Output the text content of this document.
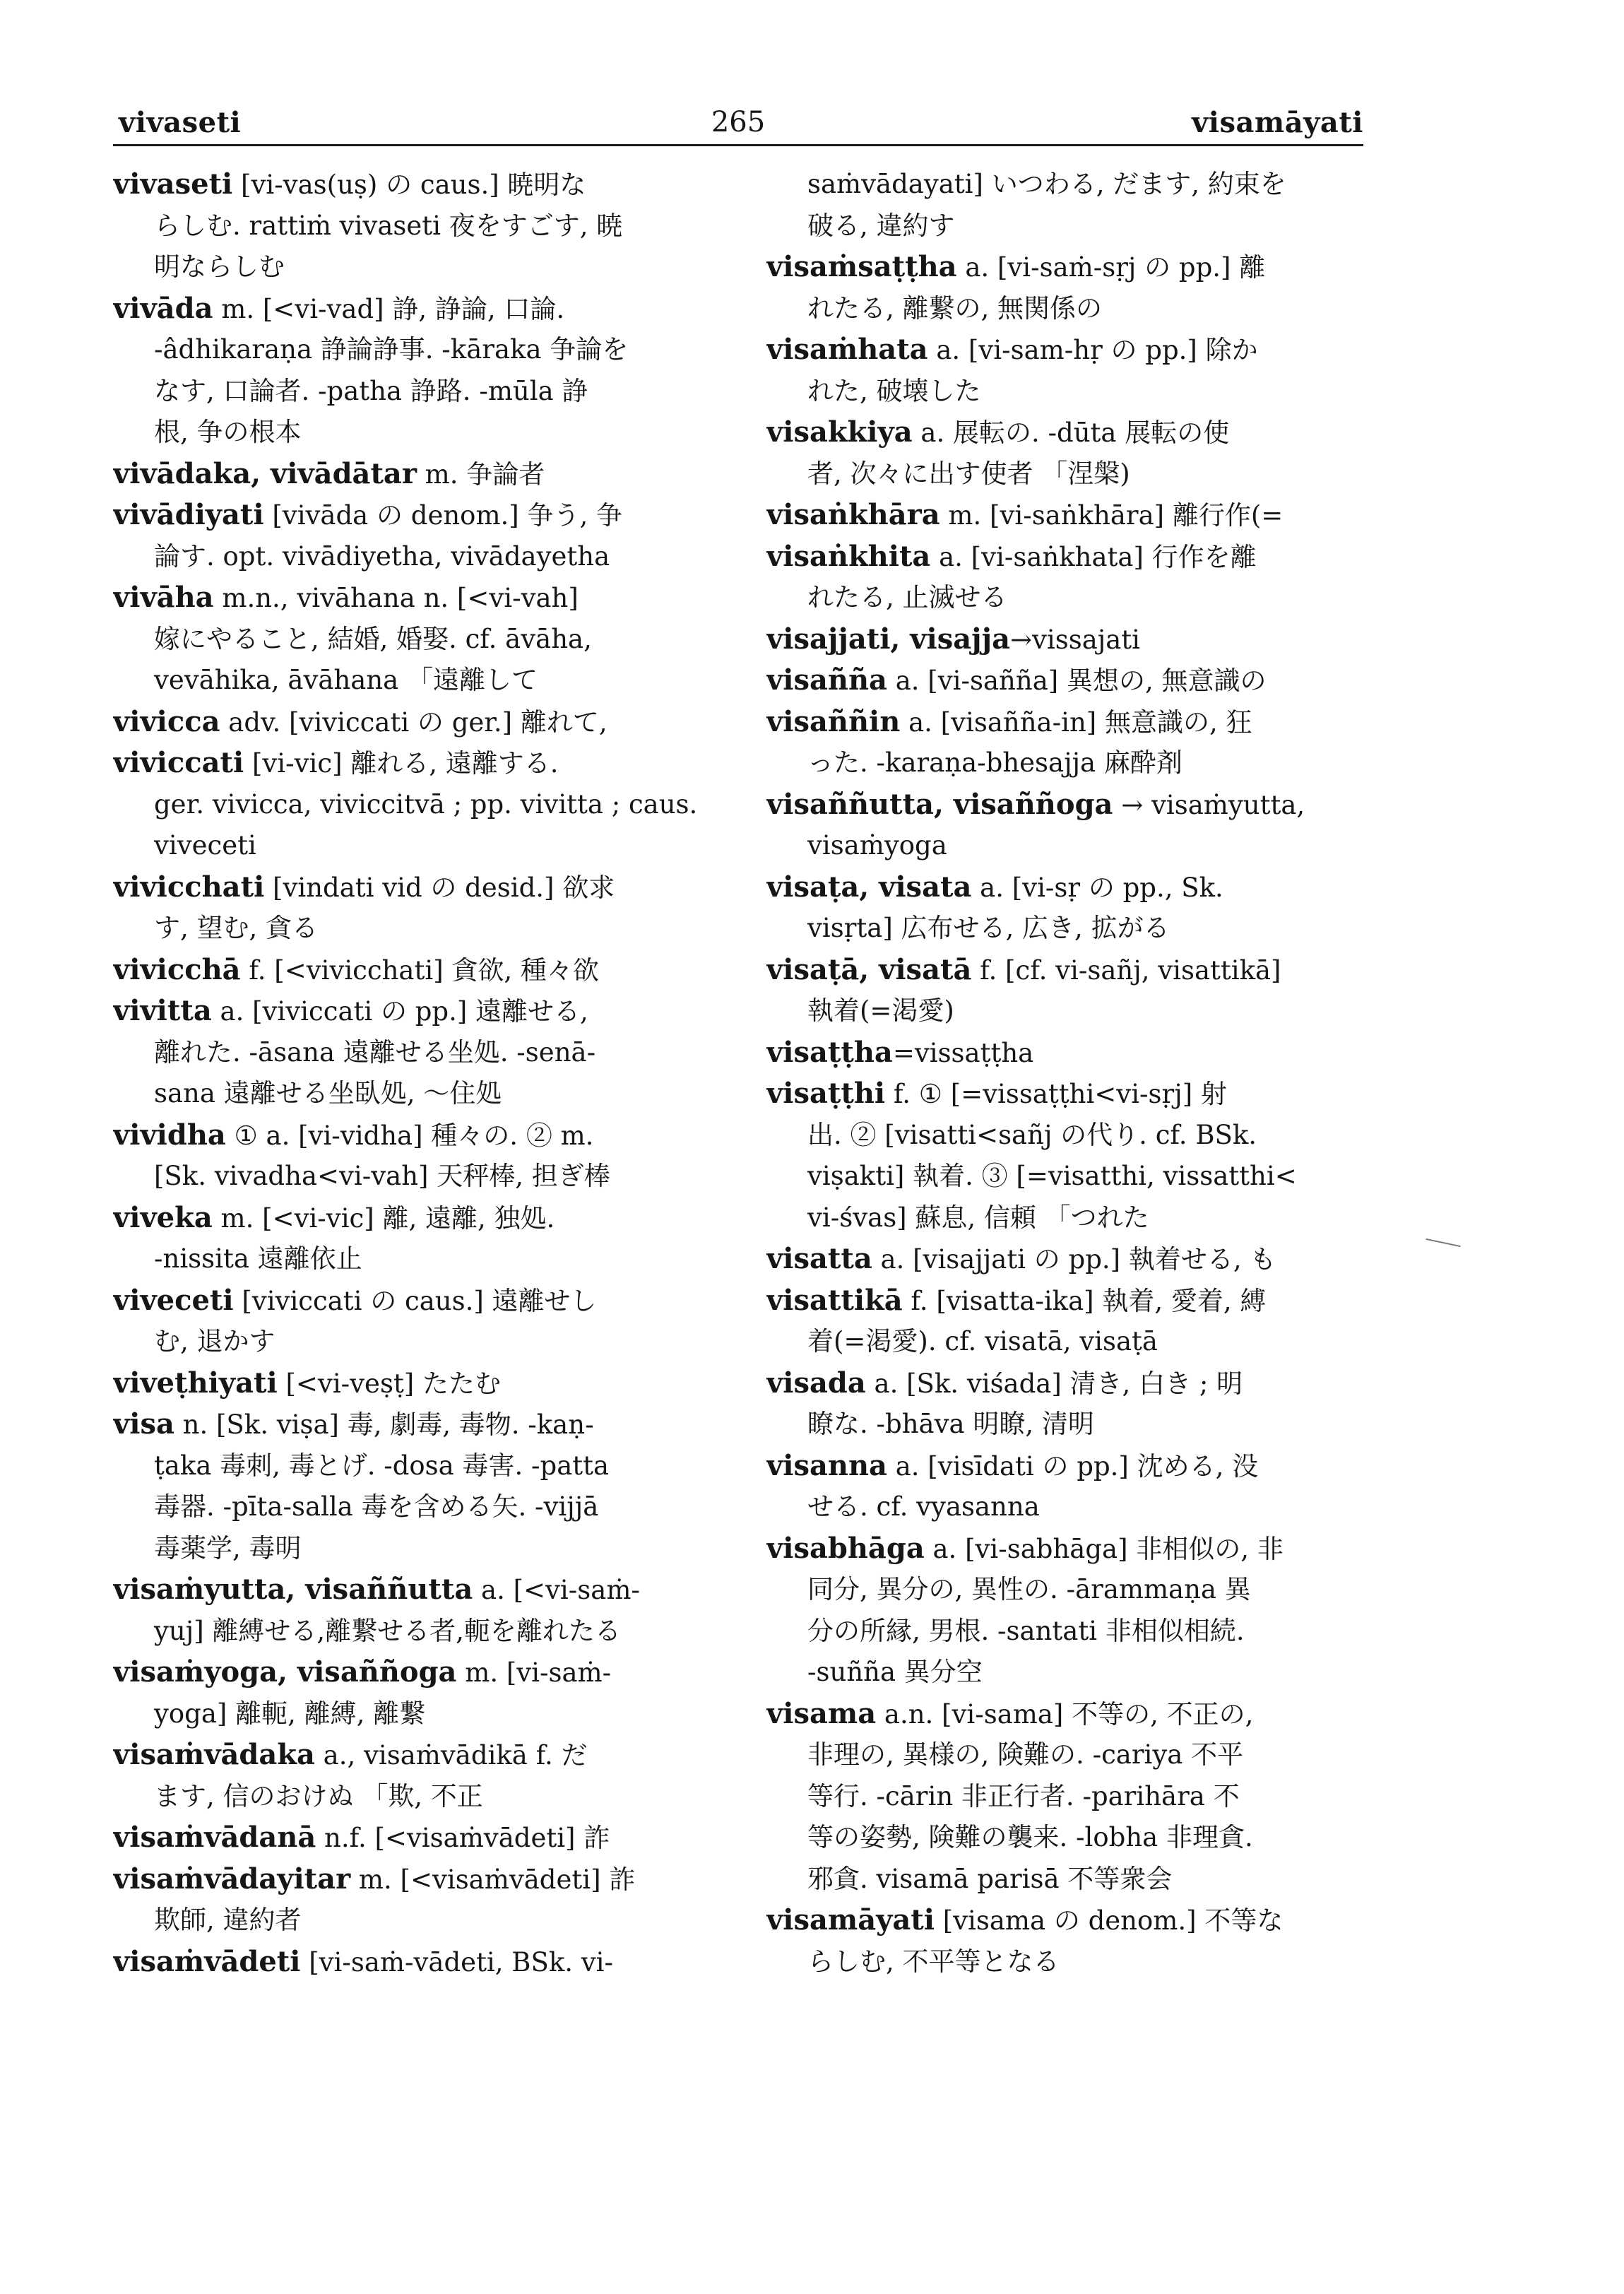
vivaseti	265	visamāyati
vivaseti [vi-vas(uṣ) の caus.] 暁明な
らしむ. rattiṁ vivaseti 夜をすごす, 暁
明ならしむ
vivāda m. [<vi-vad] 諍, 諍論, 口論.
-âdhikaraṇa 諍論諍事. -kāraka 争論を
なす, 口論者. -patha 諍路. -mūla 諍
根, 争の根本
vivādaka, vivādātar m. 争論者
vivādiyati [vivāda の denom.] 争う, 争
論す. opt. vivādiyetha, vivādayetha
vivāha m.n., vivāhana n. [<vi-vah]
嫁にやること, 結婚, 婚娶. cf. āvāha,
vevāhika, āvāhana 「遠離して
vivicca adv. [viviccati の ger.] 離れて,
viviccati [vi-vic] 離れる, 遠離する.
ger. vivicca, viviccitvā ; pp. vivitta ; caus.
viveceti
vivicchati [vindati vid の desid.] 欲求
す, 望む, 貪る
vivicchā f. [<vivicchati] 貪欲, 種々欲
vivitta a. [viviccati の pp.] 遠離せる,
離れた. -āsana 遠離せる坐処. -senā-
sana 遠離せる坐臥処, ～住処
vividha ① a. [vi-vidha] 種々の. ② m.
[Sk. vivadha<vi-vah] 天秤棒, 担ぎ棒
viveka m. [<vi-vic] 離, 遠離, 独処.
-nissita 遠離依止
viveceti [viviccati の caus.] 遠離せし
む, 退かす
viveṭhiyati [<vi-veṣṭ] たたむ
visa n. [Sk. viṣa] 毒, 劇毒, 毒物. -kaṇ-
ṭaka 毒刺, 毒とげ. -dosa 毒害. -patta
毒器. -pīta-salla 毒を含める矢. -vijjā
毒薬学, 毒明
visaṁyutta, visaññutta a. [<vi-saṁ-
yuj] 離縛せる,離繋せる者,軛を離れたる
visaṁyoga, visaññoga m. [vi-saṁ-
yoga] 離軛, 離縛, 離繋
visaṁvādaka a., visaṁvādikā f. だ
ます, 信のおけぬ 「欺, 不正
visaṁvādanā n.f. [<visaṁvādeti] 詐
visaṁvādayitar m. [<visaṁvādeti] 詐
欺師, 違約者
visaṁvādeti [vi-saṁ-vādeti, BSk. vi-
saṁvādayati] いつわる, だます, 約束を
破る, 違約す
visaṁsaṭṭha a. [vi-saṁ-sṛj の pp.] 離
れたる, 離繋の, 無関係の
visaṁhata a. [vi-sam-hṛ の pp.] 除か
れた, 破壊した
visakkiya a. 展転の. -dūta 展転の使
者, 次々に出す使者 「涅槃)
visaṅkhāra m. [vi-saṅkhāra] 離行作(=
visaṅkhita a. [vi-saṅkhata] 行作を離
れたる, 止滅せる
visajjati, visajja→vissajati
visañña a. [vi-sañña] 異想の, 無意識の
visaññin a. [visañña-in] 無意識の, 狂
った. -karaṇa-bhesajja 麻酔剤
visaññutta, visaññoga → visaṁyutta,
visaṁyoga
visaṭa, visata a. [vi-sṛ の pp., Sk.
visṛta] 広布せる, 広き, 拡がる
visaṭā, visatā f. [cf. vi-sañj, visattikā]
執着(=渇愛)
visaṭṭha=vissaṭṭha
visaṭṭhi f. ① [=vissaṭṭhi<vi-sṛj] 射
出. ② [visatti<sañj の代り. cf. BSk.
viṣakti] 執着. ③ [=visatthi, vissatthi<
vi-śvas] 蘇息, 信頼 「つれた
visatta a. [visajjati の pp.] 執着せる, も
visattikā f. [visatta-ika] 執着, 愛着, 縛
着(=渇愛). cf. visatā, visaṭā
visada a. [Sk. viśada] 清き, 白き ; 明
瞭な. -bhāva 明瞭, 清明
visanna a. [visīdati の pp.] 沈める, 没
せる. cf. vyasanna
visabhāga a. [vi-sabhāga] 非相似の, 非
同分, 異分の, 異性の. -ārammaṇa 異
分の所縁, 男根. -santati 非相似相続.
-suñña 異分空
visama a.n. [vi-sama] 不等の, 不正の,
非理の, 異様の, 険難の. -cariya 不平
等行. -cārin 非正行者. -parihāra 不
等の姿勢, 険難の襲来. -lobha 非理貪.
邪貪. visamā parisā 不等衆会
visamāyati [visama の denom.] 不等な
らしむ, 不平等となる
